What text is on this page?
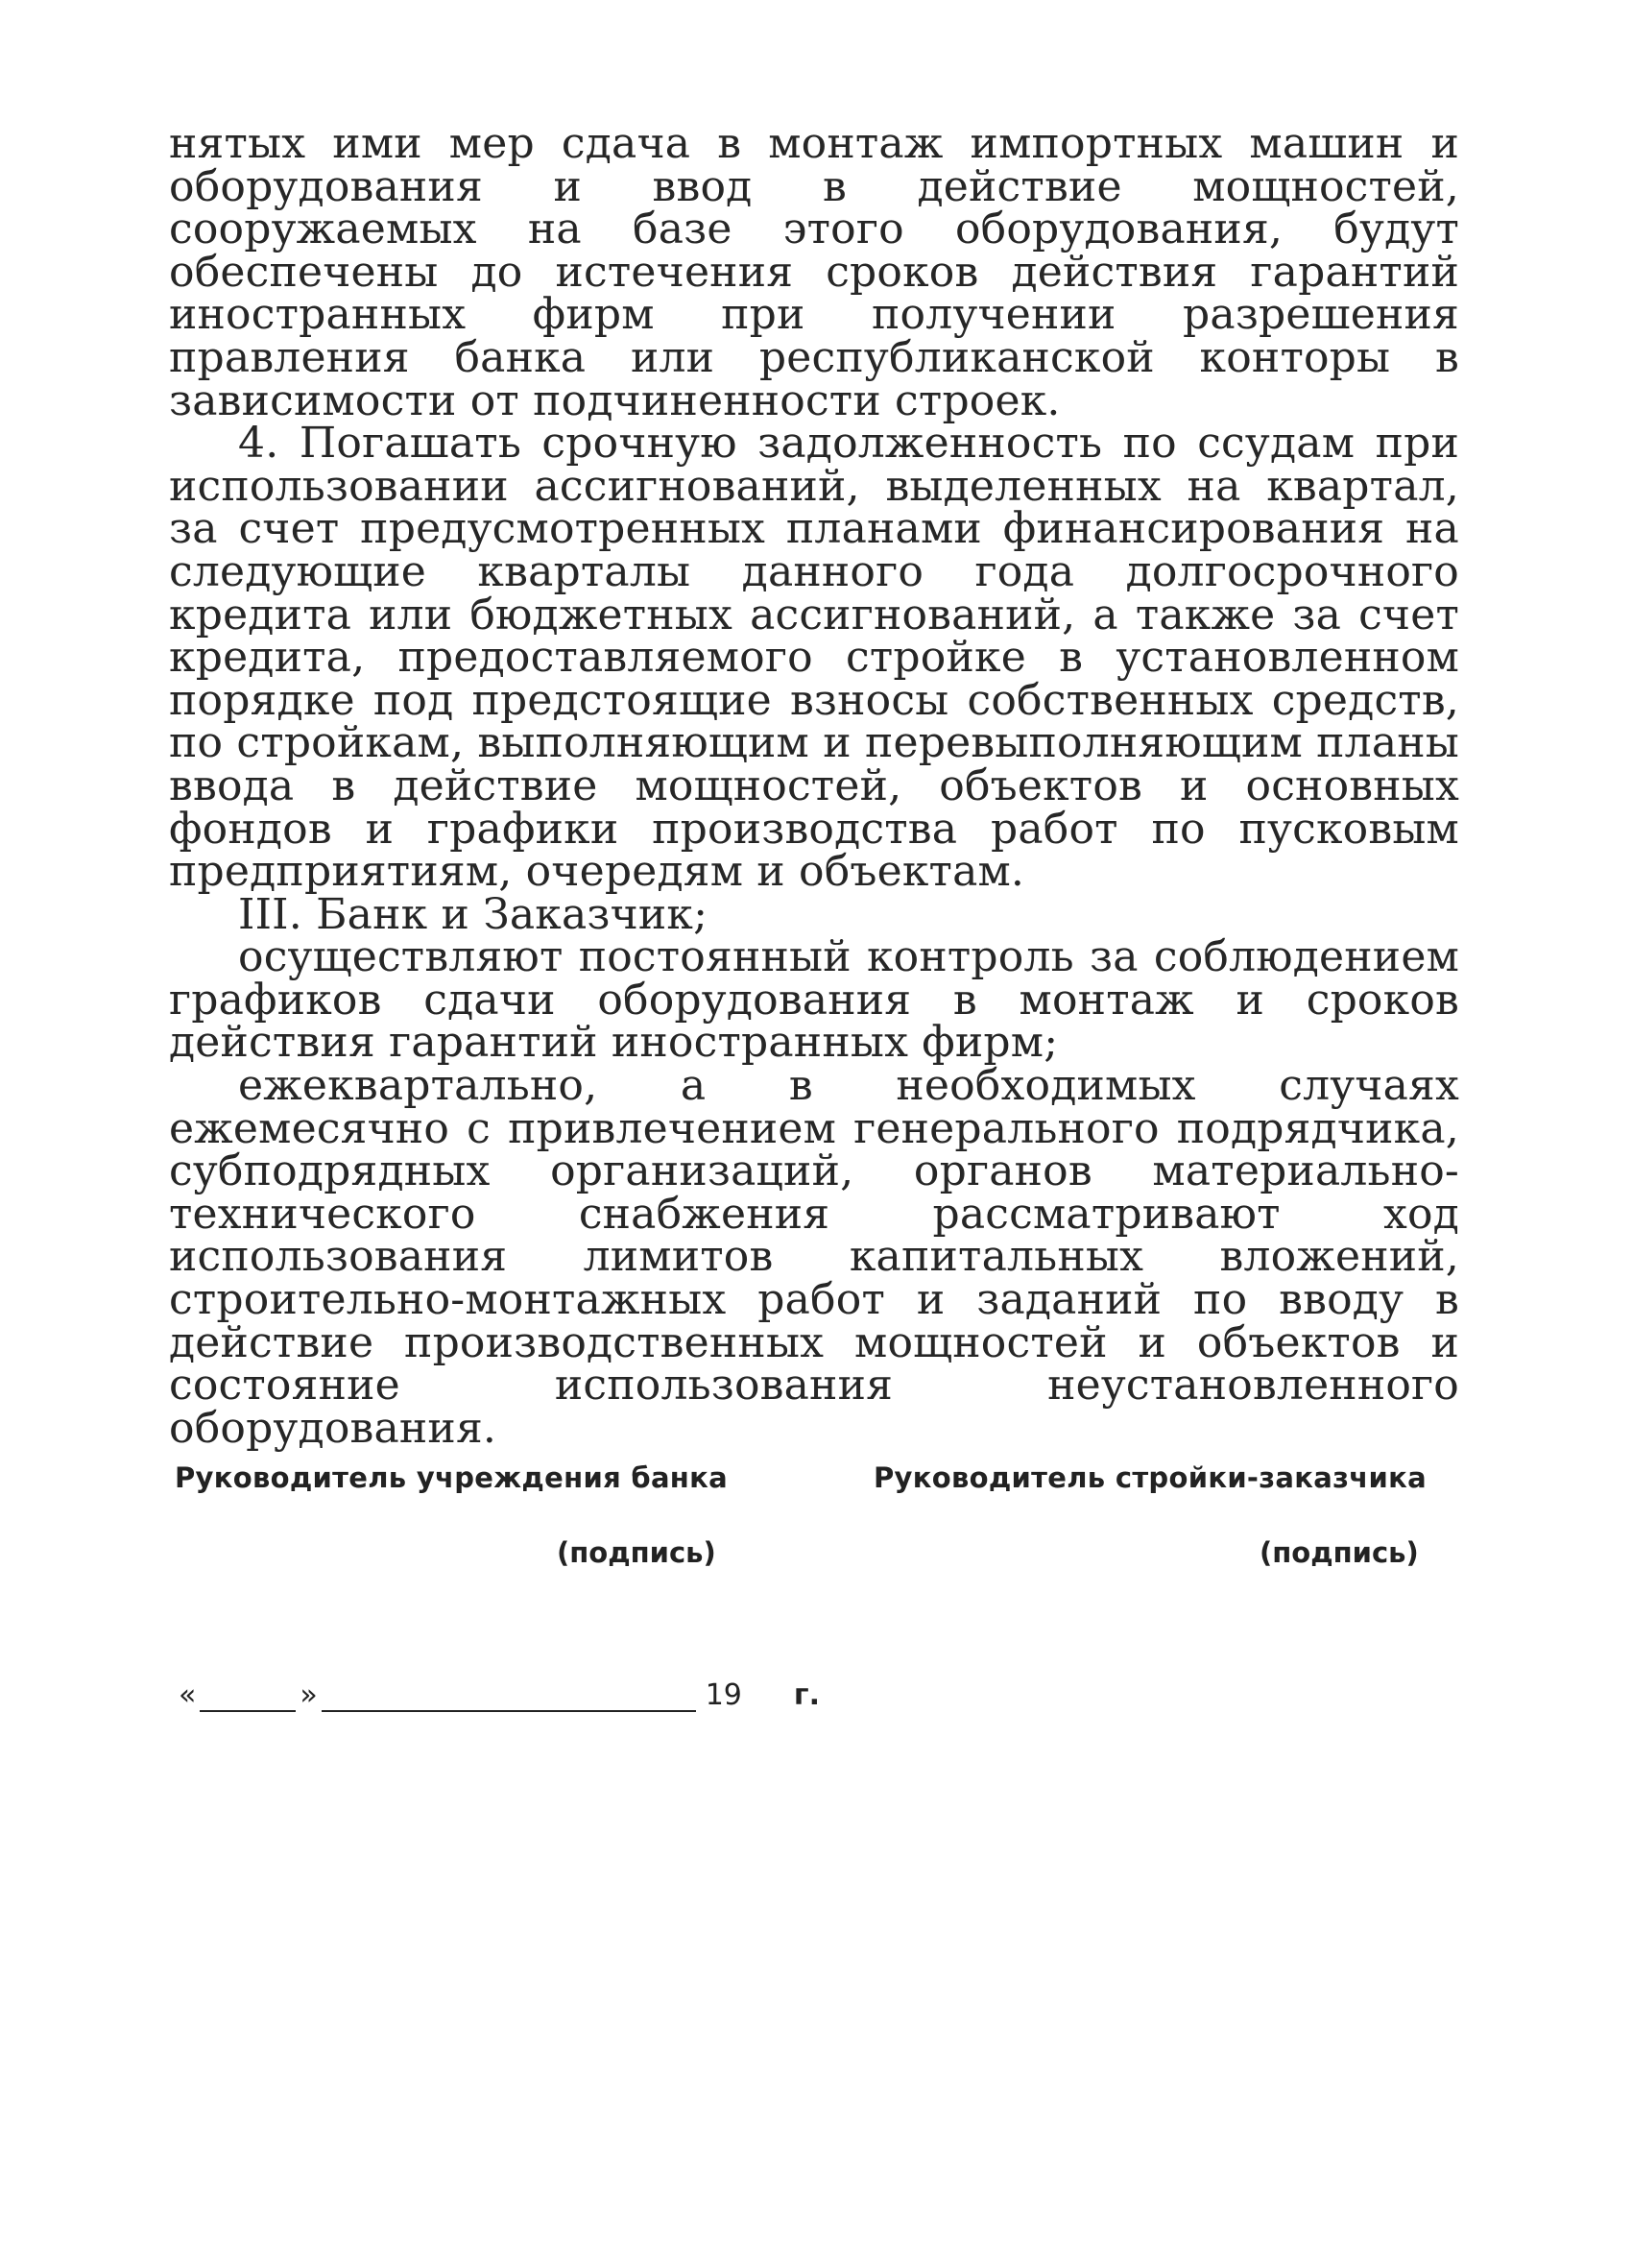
нятых ими мер сдача в монтаж импортных машин и оборудования и ввод в действие мощностей, сооружаемых на базе этого оборудования, будут обеспечены до истечения сроков действия гарантий иностранных фирм при получении разрешения правления банка или республиканской конторы в зависимости от подчиненности строек.

4. Погашать срочную задолженность по ссудам при использовании ассигнований, выделенных на квартал, за счет предусмотренных планами финансирования на следующие кварталы данного года долгосрочного кредита или бюджетных ассигнований, а также за счет кредита, предоставляемого стройке в установленном порядке под предстоящие взносы собственных средств, по стройкам, выполняющим и перевыполняющим планы ввода в действие мощностей, объектов и основных фондов и графики производства работ по пусковым предприятиям, очередям и объектам.

III. Банк и Заказчик;

осуществляют постоянный контроль за соблюдением графиков сдачи оборудования в монтаж и сроков действия гарантий иностранных фирм;

ежеквартально, а в необходимых случаях ежемесячно с привлечением генерального подрядчика, субподрядных организаций, органов материально-технического снабжения рассматривают ход использования лимитов капитальных вложений, строительно-монтажных работ и заданий по вводу в действие производственных мощностей и объектов и состояние использования неустановленного оборудования.

Руководитель учреждения банка
(подпись)
Руководитель стройки-заказчика
(подпись)
«	»	19 г.
